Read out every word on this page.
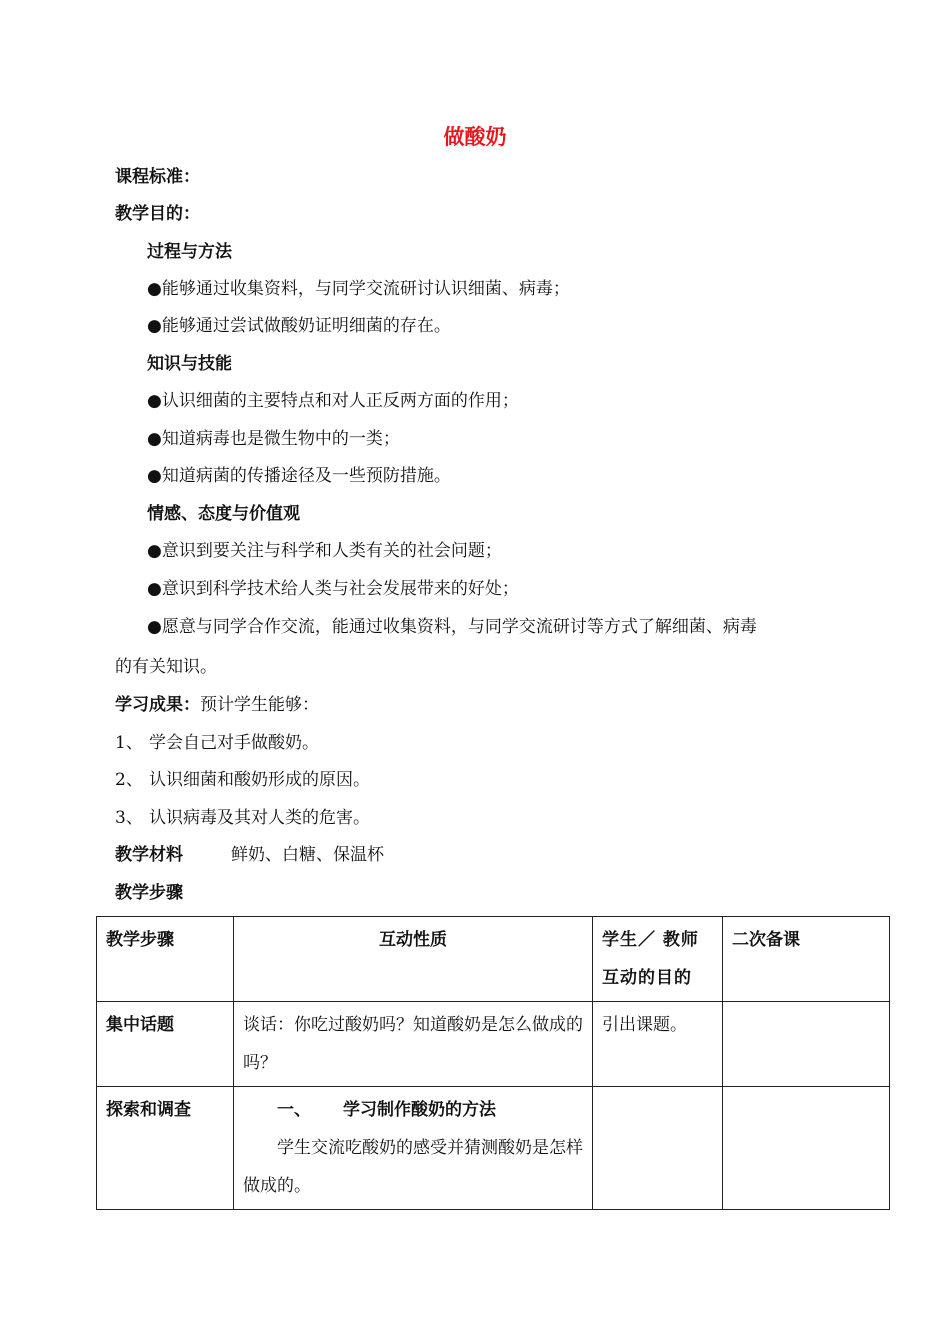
做酸奶
课程标准：
教学目的：
过程与方法
●能够通过收集资料，与同学交流研讨认识细菌、病毒；
●能够通过尝试做酸奶证明细菌的存在。
知识与技能
●认识细菌的主要特点和对人正反两方面的作用；
●知道病毒也是微生物中的一类；
●知道病菌的传播途径及一些预防措施。
情感、态度与价值观
●意识到要关注与科学和人类有关的社会问题；
●意识到科学技术给人类与社会发展带来的好处；
●愿意与同学合作交流，能通过收集资料，与同学交流研讨等方式了解细菌、病毒
的有关知识。
学习成果：预计学生能够：
1、 学会自己对手做酸奶。
2、 认识细菌和酸奶形成的原因。
3、 认识病毒及其对人类的危害。
教学材料	鲜奶、白糖、保温杯
教学步骤
教学步骤	互动性质	学生／ 教师互动的目的	二次备课
集中话题	谈话：你吃过酸奶吗？知道酸奶是怎么做成的吗？	引出课题。	
探索和调查	一、 学习制作酸奶的方法
学生交流吃酸奶的感受并猜测酸奶是怎样做成的。		
